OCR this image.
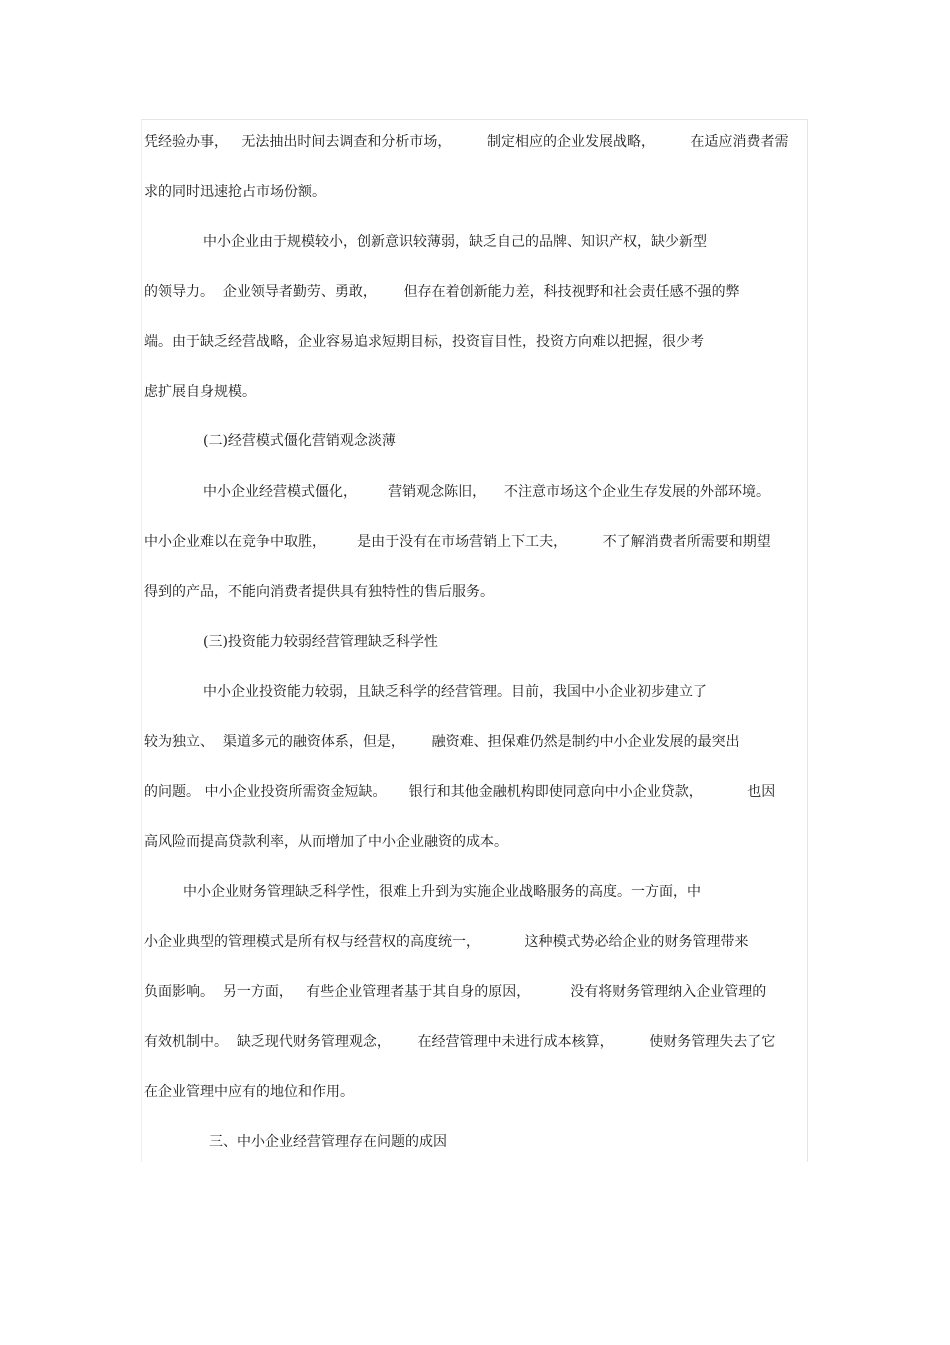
凭经验办事，   无法抽出时间去调查和分析市场，        制定相应的企业发展战略，        在适应消费者需
求的同时迅速抢占市场份额。
中小企业由于规模较小，创新意识较薄弱，缺乏自己的品牌、知识产权，缺少新型
的领导力。  企业领导者勤劳、勇敢，      但存在着创新能力差，科技视野和社会责任感不强的弊
端。由于缺乏经营战略，企业容易追求短期目标，投资盲目性，投资方向难以把握，很少考
虑扩展自身规模。
(二)经营模式僵化营销观念淡薄
中小企业经营模式僵化，       营销观念陈旧，    不注意市场这个企业生存发展的外部环境。
中小企业难以在竞争中取胜，       是由于没有在市场营销上下工夫，        不了解消费者所需要和期望
得到的产品，不能向消费者提供具有独特性的售后服务。
(三)投资能力较弱经营管理缺乏科学性
中小企业投资能力较弱，且缺乏科学的经营管理。目前，我国中小企业初步建立了
较为独立、  渠道多元的融资体系，但是，      融资难、担保难仍然是制约中小企业发展的最突出
的问题。 中小企业投资所需资金短缺。     银行和其他金融机构即使同意向中小企业贷款，          也因
高风险而提高贷款利率，从而增加了中小企业融资的成本。
中小企业财务管理缺乏科学性，很难上升到为实施企业战略服务的高度。一方面，中
小企业典型的管理模式是所有权与经营权的高度统一，          这种模式势必给企业的财务管理带来
负面影响。  另一方面，   有些企业管理者基于其自身的原因，         没有将财务管理纳入企业管理的
有效机制中。  缺乏现代财务管理观念，      在经营管理中未进行成本核算，        使财务管理失去了它
在企业管理中应有的地位和作用。
三、中小企业经营管理存在问题的成因
